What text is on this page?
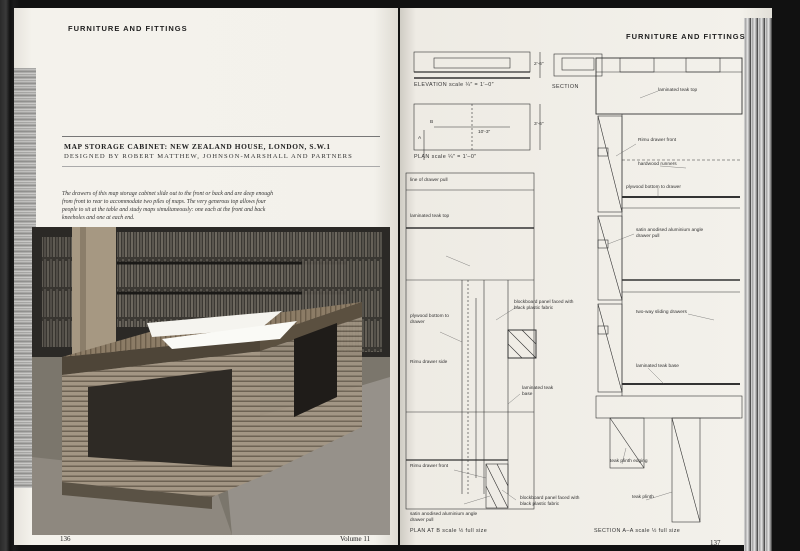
FURNITURE AND FITTINGS
MAP STORAGE CABINET: NEW ZEALAND HOUSE, LONDON, S.W.1
DESIGNED BY ROBERT MATTHEW, JOHNSON-MARSHALL AND PARTNERS
The drawers of this map storage cabinet slide out to the front or back and are deep enough from front to rear to accommodate two piles of maps. The very generous top allows four people to sit at the table and study maps simultaneously: one each at the front and back kneeholes and one at each end.
136	Volume 11
FURNITURE AND FITTINGS
ELEVATION scale ¼″ = 1′–0″	SECTION
PLAN scale ¼″ = 1′–0″
2′-6″
3′-6″
10′-3″
A
B
line of drawer pull
laminated teak top
plywood bottom to drawer
Rimu drawer side
blockboard panel faced with black plastic fabric
laminated teak base
Rimu drawer front
satin anodised aluminium angle drawer pull
blockboard panel faced with black plastic fabric
laminated teak top
Rimu drawer front
hardwood runners
plywood bottom to drawer
satin anodised aluminium angle drawer pull
two-way sliding drawers
laminated teak base
teak plinth edging
teak plinth
PLAN AT B scale ½ full size	SECTION A–A scale ½ full size
137
